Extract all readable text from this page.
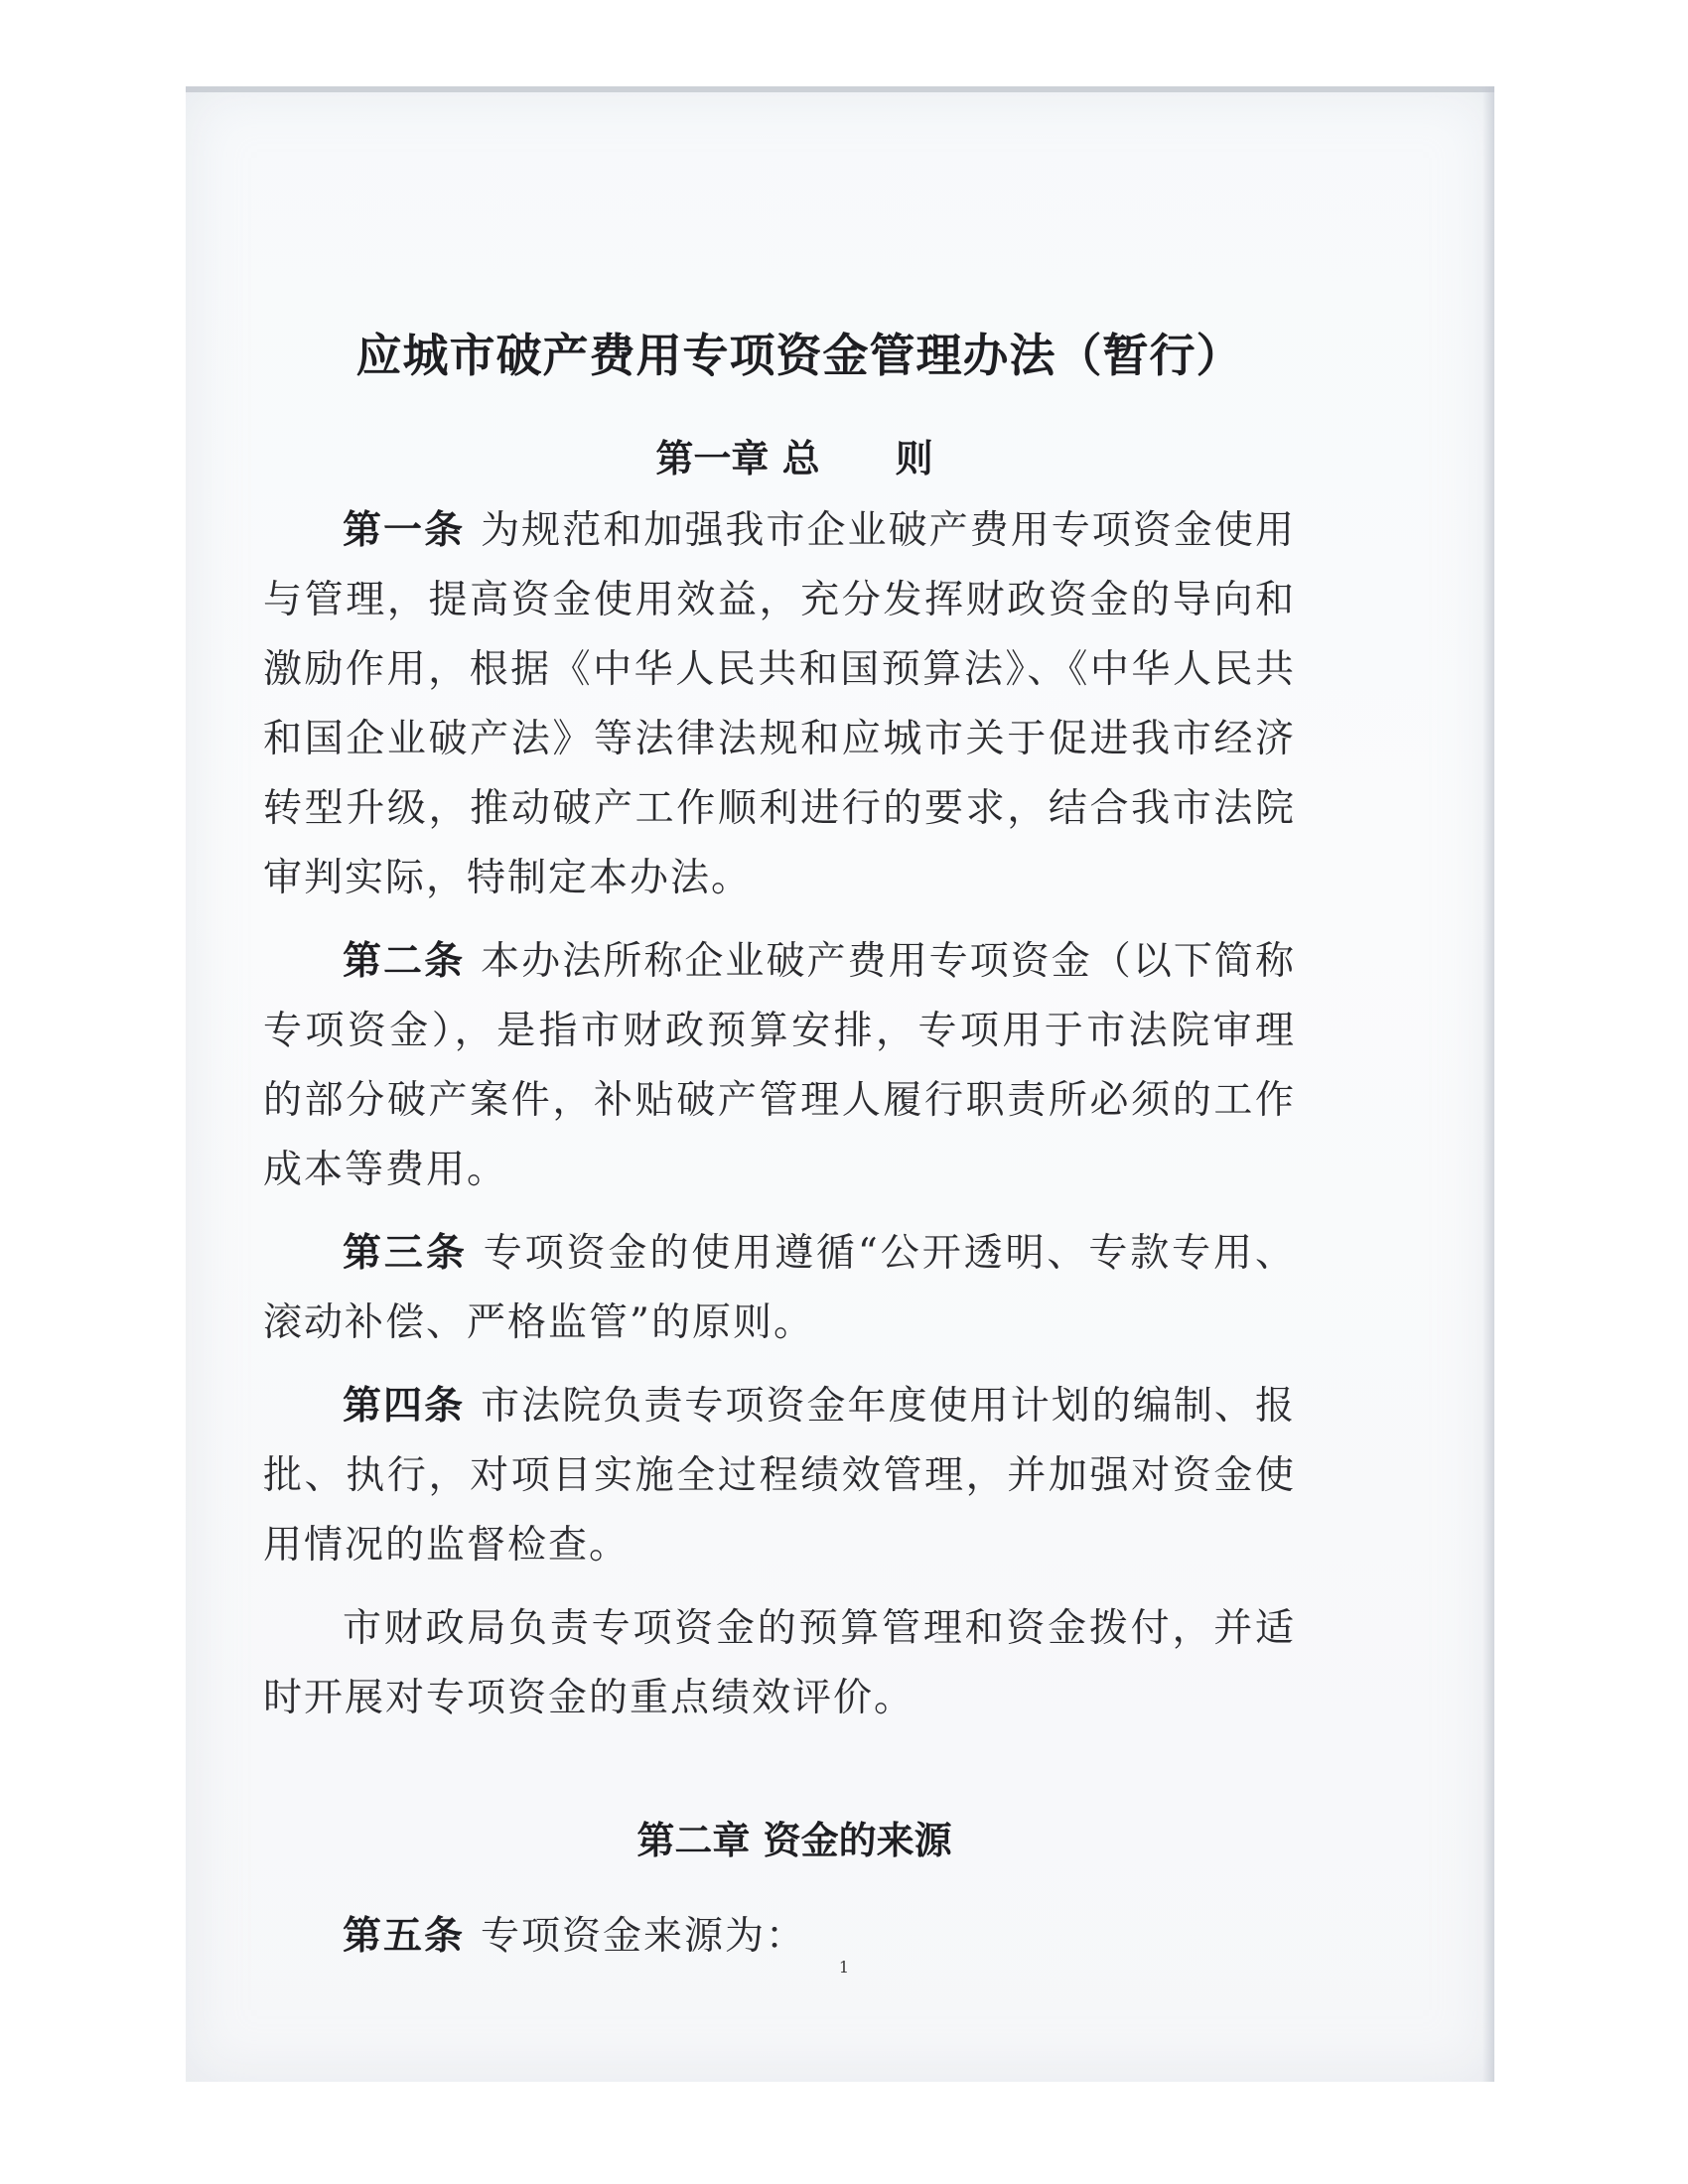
应城市破产费用专项资金管理办法（暂行）
第一章 总　　则

第一条 为规范和加强我市企业破产费用专项资金使用与管理，提高资金使用效益，充分发挥财政资金的导向和激励作用，根据《中华人民共和国预算法》、《中华人民共和国企业破产法》等法律法规和应城市关于促进我市经济转型升级，推动破产工作顺利进行的要求，结合我市法院审判实际，特制定本办法。

第二条 本办法所称企业破产费用专项资金（以下简称专项资金），是指市财政预算安排，专项用于市法院审理的部分破产案件，补贴破产管理人履行职责所必须的工作成本等费用。

第三条 专项资金的使用遵循“公开透明、专款专用、滚动补偿、严格监管”的原则。

第四条 市法院负责专项资金年度使用计划的编制、报批、执行，对项目实施全过程绩效管理，并加强对资金使用情况的监督检查。

市财政局负责专项资金的预算管理和资金拨付，并适时开展对专项资金的重点绩效评价。

第二章 资金的来源

第五条 专项资金来源为：

1
